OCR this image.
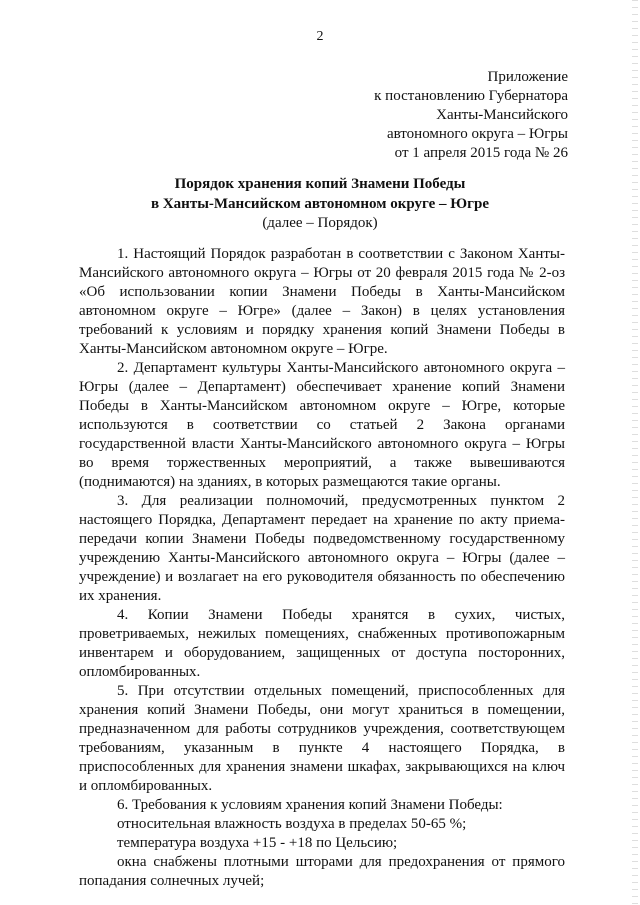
2
Приложение
к постановлению Губернатора
Ханты-Мансийского
автономного округа – Югры
от 1 апреля 2015 года № 26
Порядок хранения копий Знамени Победы
в Ханты-Мансийском автономном округе – Югре
(далее – Порядок)

1. Настоящий Порядок разработан в соответствии с Законом Ханты-Мансийского автономного округа – Югры от 20 февраля 2015 года № 2-оз «Об использовании копии Знамени Победы в Ханты-Мансийском автономном округе – Югре» (далее – Закон) в целях установления требований к условиям и порядку хранения копий Знамени Победы в Ханты-Мансийском автономном округе – Югре.

2. Департамент культуры Ханты-Мансийского автономного округа – Югры (далее – Департамент) обеспечивает хранение копий Знамени Победы в Ханты-Мансийском автономном округе – Югре, которые используются в соответствии со статьей 2 Закона органами государственной власти Ханты-Мансийского автономного округа – Югры во время торжественных мероприятий, а также вывешиваются (поднимаются) на зданиях, в которых размещаются такие органы.

3. Для реализации полномочий, предусмотренных пунктом 2 настоящего Порядка, Департамент передает на хранение по акту приема-передачи копии Знамени Победы подведомственному государственному учреждению Ханты-Мансийского автономного округа – Югры (далее – учреждение) и возлагает на его руководителя обязанность по обеспечению их хранения.

4. Копии Знамени Победы хранятся в сухих, чистых, проветриваемых, нежилых помещениях, снабженных противопожарным инвентарем и оборудованием, защищенных от доступа посторонних, опломбированных.

5. При отсутствии отдельных помещений, приспособленных для хранения копий Знамени Победы, они могут храниться в помещении, предназначенном для работы сотрудников учреждения, соответствующем требованиям, указанным в пункте 4 настоящего Порядка, в приспособленных для хранения знамени шкафах, закрывающихся на ключ и опломбированных.

6. Требования к условиям хранения копий Знамени Победы:

относительная влажность воздуха в пределах 50-65 %;

температура воздуха +15 - +18 по Цельсию;

окна снабжены плотными шторами для предохранения от прямого попадания солнечных лучей;
